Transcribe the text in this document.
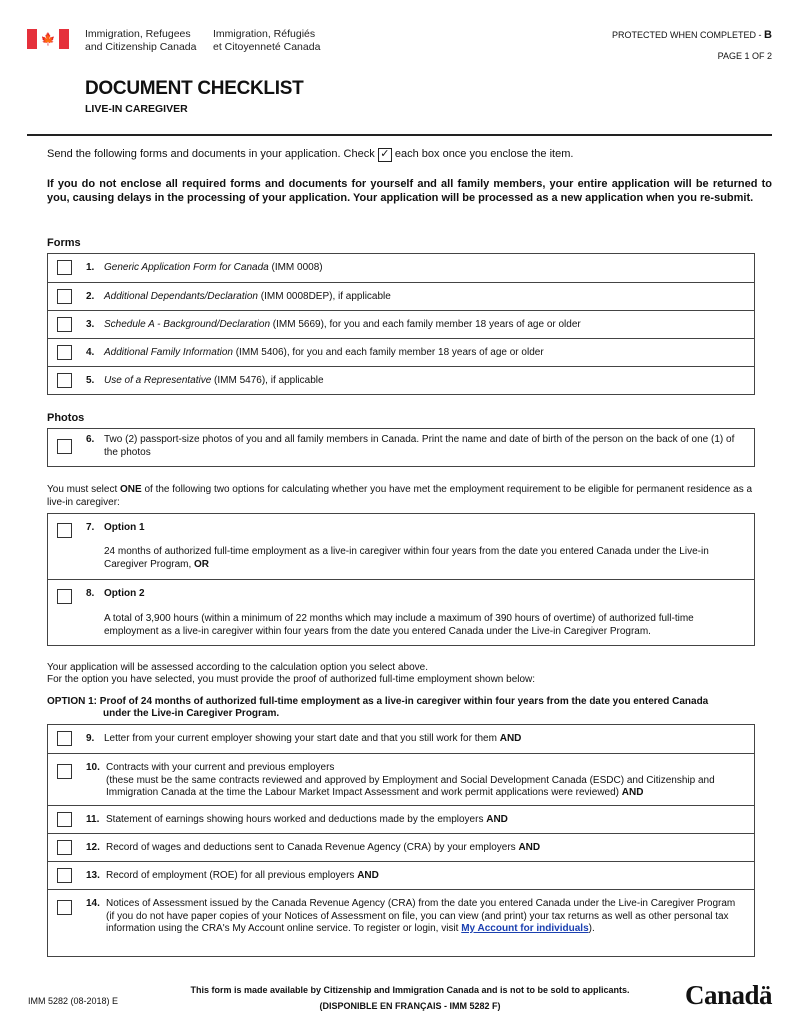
🍁	Immigration, Refugees
and Citizenship Canada
Immigration, Réfugiés
et Citoyenneté Canada
PROTECTED WHEN COMPLETED - B
PAGE 1 OF 2
DOCUMENT CHECKLIST
LIVE-IN CAREGIVER
Send the following forms and documents in your application. Check ✓ each box once you enclose the item.
If you do not enclose all required forms and documents for yourself and all family members, your entire application will be returned to you, causing delays in the processing of your application. Your application will be processed as a new application when you re-submit.
Forms
1. Generic Application Form for Canada (IMM 0008)
2. Additional Dependants/Declaration (IMM 0008DEP), if applicable
3. Schedule A - Background/Declaration (IMM 5669), for you and each family member 18 years of age or older
4. Additional Family Information (IMM 5406), for you and each family member 18 years of age or older
5. Use of a Representative (IMM 5476), if applicable
Photos
6. Two (2) passport-size photos of you and all family members in Canada. Print the name and date of birth of the person on the back of one (1) of the photos
You must select ONE of the following two options for calculating whether you have met the employment requirement to be eligible for permanent residence as a live-in caregiver:
7. Option 1
24 months of authorized full-time employment as a live-in caregiver within four years from the date you entered Canada under the Live-in Caregiver Program, OR
8. Option 2
A total of 3,900 hours (within a minimum of 22 months which may include a maximum of 390 hours of overtime) of authorized full-time employment as a live-in caregiver within four years from the date you entered Canada under the Live-in Caregiver Program.
Your application will be assessed according to the calculation option you select above.
For the option you have selected, you must provide the proof of authorized full-time employment shown below:
OPTION 1: Proof of 24 months of authorized full-time employment as a live-in caregiver within four years from the date you entered Canada
under the Live-in Caregiver Program.
9. Letter from your current employer showing your start date and that you still work for them AND
10. Contracts with your current and previous employers
(these must be the same contracts reviewed and approved by Employment and Social Development Canada (ESDC) and Citizenship and Immigration Canada at the time the Labour Market Impact Assessment and work permit applications were reviewed) AND
11. Statement of earnings showing hours worked and deductions made by the employers AND
12. Record of wages and deductions sent to Canada Revenue Agency (CRA) by your employers AND
13. Record of employment (ROE) for all previous employers AND
14. Notices of Assessment issued by the Canada Revenue Agency (CRA) from the date you entered Canada under the Live-in Caregiver Program (if you do not have paper copies of your Notices of Assessment on file, you can view (and print) your tax returns as well as other personal tax information using the CRA's My Account online service. To register or login, visit My Account for individuals).
IMM 5282 (08-2018) E
This form is made available by Citizenship and Immigration Canada and is not to be sold to applicants.
(DISPONIBLE EN FRANÇAIS - IMM 5282 F)	Canadä
